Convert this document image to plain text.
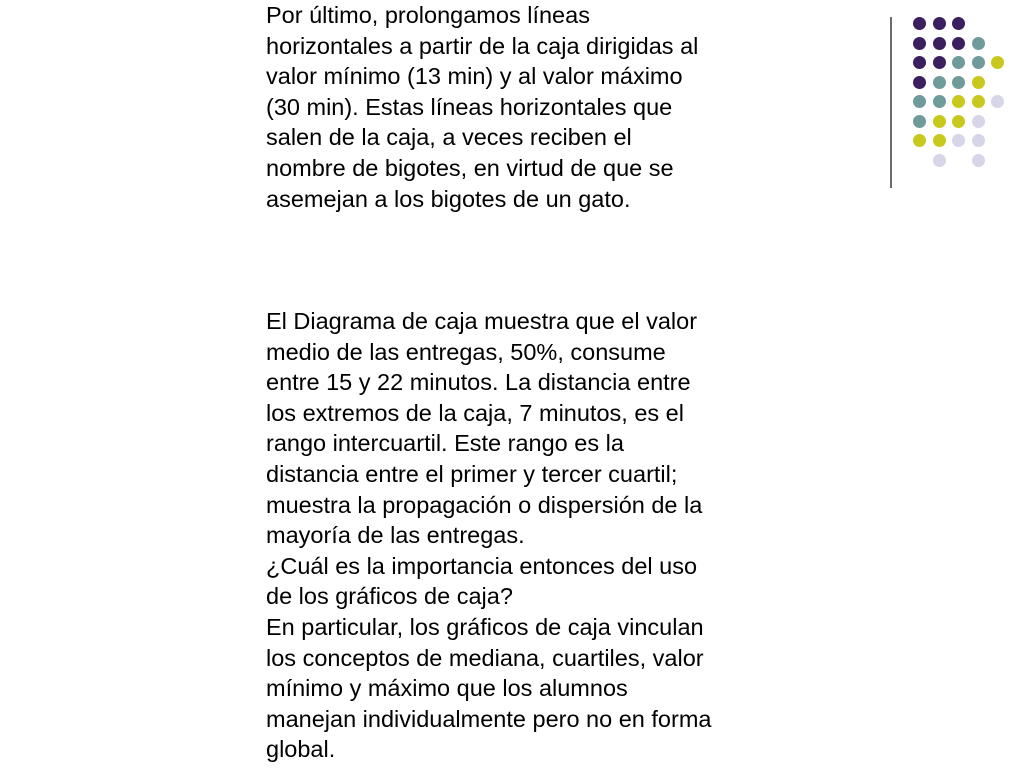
Por último, prolongamos líneas
horizontales a partir de la caja dirigidas al
valor mínimo (13 min) y al valor máximo
(30 min). Estas líneas horizontales que
salen de la caja, a veces reciben el
nombre de bigotes, en virtud de que se
asemejan a los bigotes de un gato.
El Diagrama de caja muestra que el valor
medio de las entregas, 50%, consume
entre 15 y 22 minutos. La distancia entre
los extremos de la caja, 7 minutos, es el
rango intercuartil. Este rango es la
distancia entre el primer y tercer cuartil;
muestra la propagación o dispersión de la
mayoría de las entregas.
¿Cuál es la importancia entonces del uso
de los gráficos de caja?
En particular, los gráficos de caja vinculan
los conceptos de mediana, cuartiles, valor
mínimo y máximo que los alumnos
manejan individualmente pero no en forma
global.
